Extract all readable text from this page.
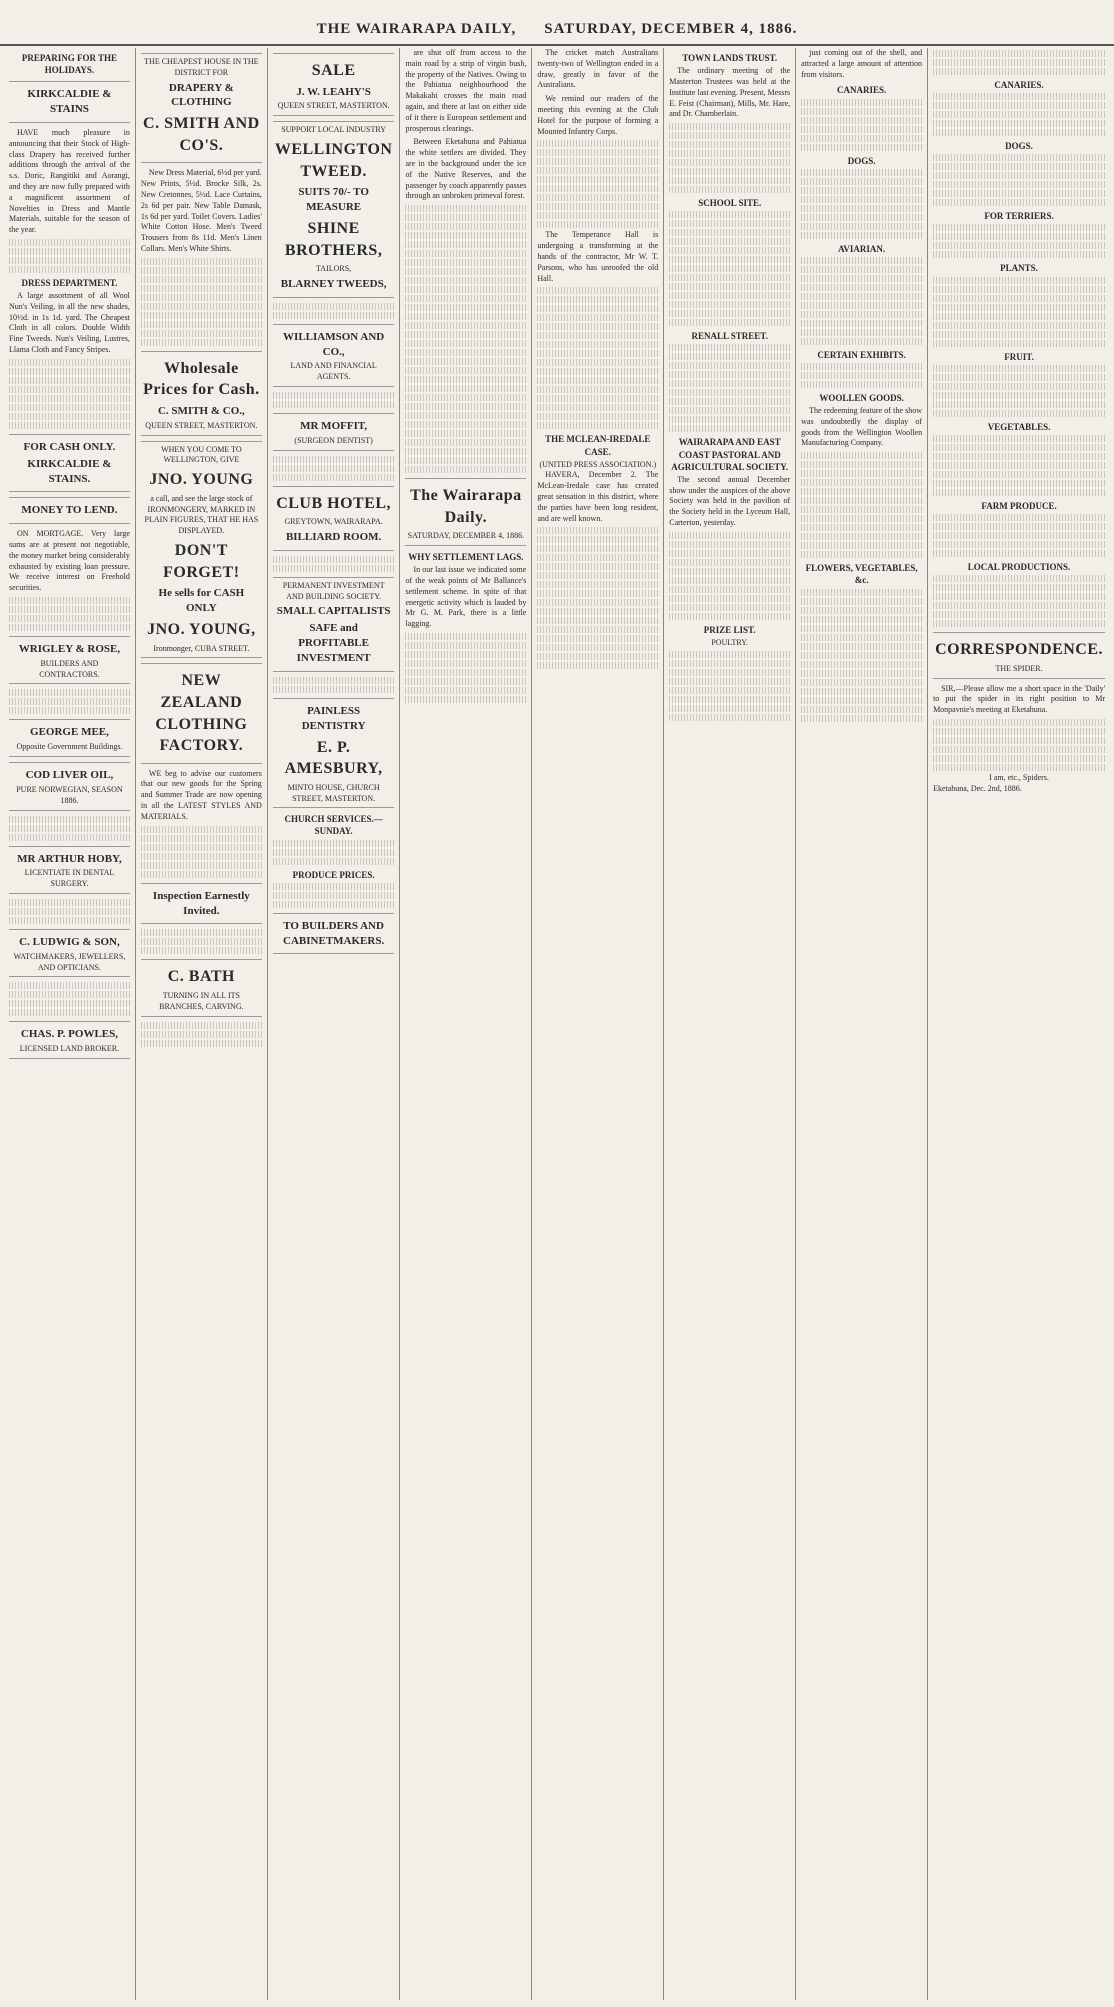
THE WAIRARAPA DAILY, SATURDAY, DECEMBER 4, 1886.
PREPARING FOR THE HOLIDAYS.
KIRKCALDIE & STAINS

HAVE much pleasure in announcing that their Stock of High-class Drapery has received further additions through the arrival of the s.s. Doric, Rangitiki and Aorangi, and they are now fully prepared with a magnificent assortment of Novelties in Dress and Mantle Materials, suitable for the season of the year.

DRESS DEPARTMENT.

A large assortment of all Wool Nun's Veiling, in all the new shades, 10½d. in 1s 1d. yard. The Cheapest Cloth in all colors. Double Width Fine Tweeds. Nun's Veiling, Lustres, Llama Cloth and Fancy Stripes.

FOR CASH ONLY.
KIRKCALDIE & STAINS.
MONEY TO LEND.

ON MORTGAGE. Very large sums are at present not negotiable, the money market being considerably exhausted by existing loan pressure. We receive interest on Freehold securities.

WRIGLEY & ROSE,
BUILDERS AND CONTRACTORS.
GEORGE MEE,
Opposite Government Buildings.
COD LIVER OIL,
PURE NORWEGIAN, SEASON 1886.
MR ARTHUR HOBY,
LICENTIATE IN DENTAL SURGERY.
C. LUDWIG & SON,
WATCHMAKERS, JEWELLERS, AND OPTICIANS.
CHAS. P. POWLES,
LICENSED LAND BROKER.
THE CHEAPEST HOUSE IN THE DISTRICT FOR
DRAPERY & CLOTHING
C. SMITH AND CO'S.

New Dress Material, 6½d per yard. New Prints, 5½d. Brocke Silk, 2s. New Cretonnes, 5½d. Lace Curtains, 2s 6d per pair. New Table Damask, 1s 6d per yard. Toilet Covers. Ladies' White Cotton Hose. Men's Tweed Trousers from 8s 11d. Men's Linen Collars. Men's White Shirts.

Wholesale Prices for Cash.
C. SMITH & CO.,
QUEEN STREET, MASTERTON.
WHEN YOU COME TO WELLINGTON, GIVE
JNO. YOUNG
a call, and see the large stock of IRONMONGERY, MARKED IN PLAIN FIGURES, THAT HE HAS DISPLAYED.
DON'T FORGET!
He sells for CASH ONLY
JNO. YOUNG,
Ironmonger, CUBA STREET.
NEW ZEALAND CLOTHING FACTORY.

WE beg to advise our customers that our new goods for the Spring and Summer Trade are now opening in all the LATEST STYLES AND MATERIALS.

Inspection Earnestly Invited.
C. BATH
TURNING IN ALL ITS BRANCHES, CARVING.
SALE
J. W. LEAHY'S
QUEEN STREET, MASTERTON.
SUPPORT LOCAL INDUSTRY
WELLINGTON TWEED.
SUITS 70/- TO MEASURE
SHINE BROTHERS,
TAILORS,
BLARNEY TWEEDS,
WILLIAMSON AND CO.,
LAND AND FINANCIAL AGENTS.
MR MOFFIT,
(SURGEON DENTIST)
CLUB HOTEL,
GREYTOWN, WAIRARAPA.
BILLIARD ROOM.
PERMANENT INVESTMENT AND BUILDING SOCIETY.
SMALL CAPITALISTS
SAFE and PROFITABLE INVESTMENT
PAINLESS DENTISTRY
E. P. AMESBURY,
MINTO HOUSE, CHURCH STREET, MASTERTON.
CHURCH SERVICES.—SUNDAY.
PRODUCE PRICES.
TO BUILDERS AND CABINETMAKERS.

are shut off from access to the main road by a strip of virgin bush, the property of the Natives. Owing to the Pahiatua neighbourhood the Makakahi crosses the main road again, and there at last on either side of it there is European settlement and prosperous clearings.

Between Eketahuna and Pahiatua the white settlers are divided. They are in the background under the ice of the Native Reserves, and the passenger by coach apparently passes through an unbroken primeval forest.

The Wairarapa Daily.
SATURDAY, DECEMBER 4, 1886.
WHY SETTLEMENT LAGS.

In our last issue we indicated some of the weak points of Mr Ballance's settlement scheme. In spite of that energetic activity which is lauded by Mr G. M. Park, there is a little lagging.

The cricket match Australians twenty-two of Wellington ended in a draw, greatly in favor of the Australians.

We remind our readers of the meeting this evening at the Club Hotel for the purpose of forming a Mounted Infantry Corps.

The Temperance Hall is undergoing a transforming at the hands of the contractor, Mr W. T. Parsons, who has unroofed the old Hall.

THE MCLEAN-IREDALE CASE.
(UNITED PRESS ASSOCIATION.)

HAVERA, December 2. The McLean-Iredale case has created great sensation in this district, where the parties have been long resident, and are well known.

TOWN LANDS TRUST.

The ordinary meeting of the Masterton Trustees was held at the Institute last evening. Present, Messrs E. Feist (Chairman), Mills, Mr. Hare, and Dr. Chamberlain.

SCHOOL SITE.
RENALL STREET.
WAIRARAPA AND EAST COAST PASTORAL AND AGRICULTURAL SOCIETY.

The second annual December show under the auspices of the above Society was held in the pavilion of the Society held in the Lyceum Hall, Carterton, yesterday.

PRIZE LIST.
POULTRY.

just coming out of the shell, and attracted a large amount of attention from visitors.

CANARIES.
DOGS.
AVIARIAN.
CERTAIN EXHIBITS.
WOOLLEN GOODS.

The redeeming feature of the show was undoubtedly the display of goods from the Wellington Woollen Manufacturing Company.

FLOWERS, VEGETABLES, &c.
CANARIES.
DOGS.
FOR TERRIERS.
PLANTS.
FRUIT.
VEGETABLES.
FARM PRODUCE.
LOCAL PRODUCTIONS.
CORRESPONDENCE.
THE SPIDER.

SIR,—Please allow me a short space in the 'Daily' to put the spider in its right position to Mr Monpavnie's meeting at Eketahuna.

I am, etc., Spiders.
Eketahuna, Dec. 2nd, 1886.
